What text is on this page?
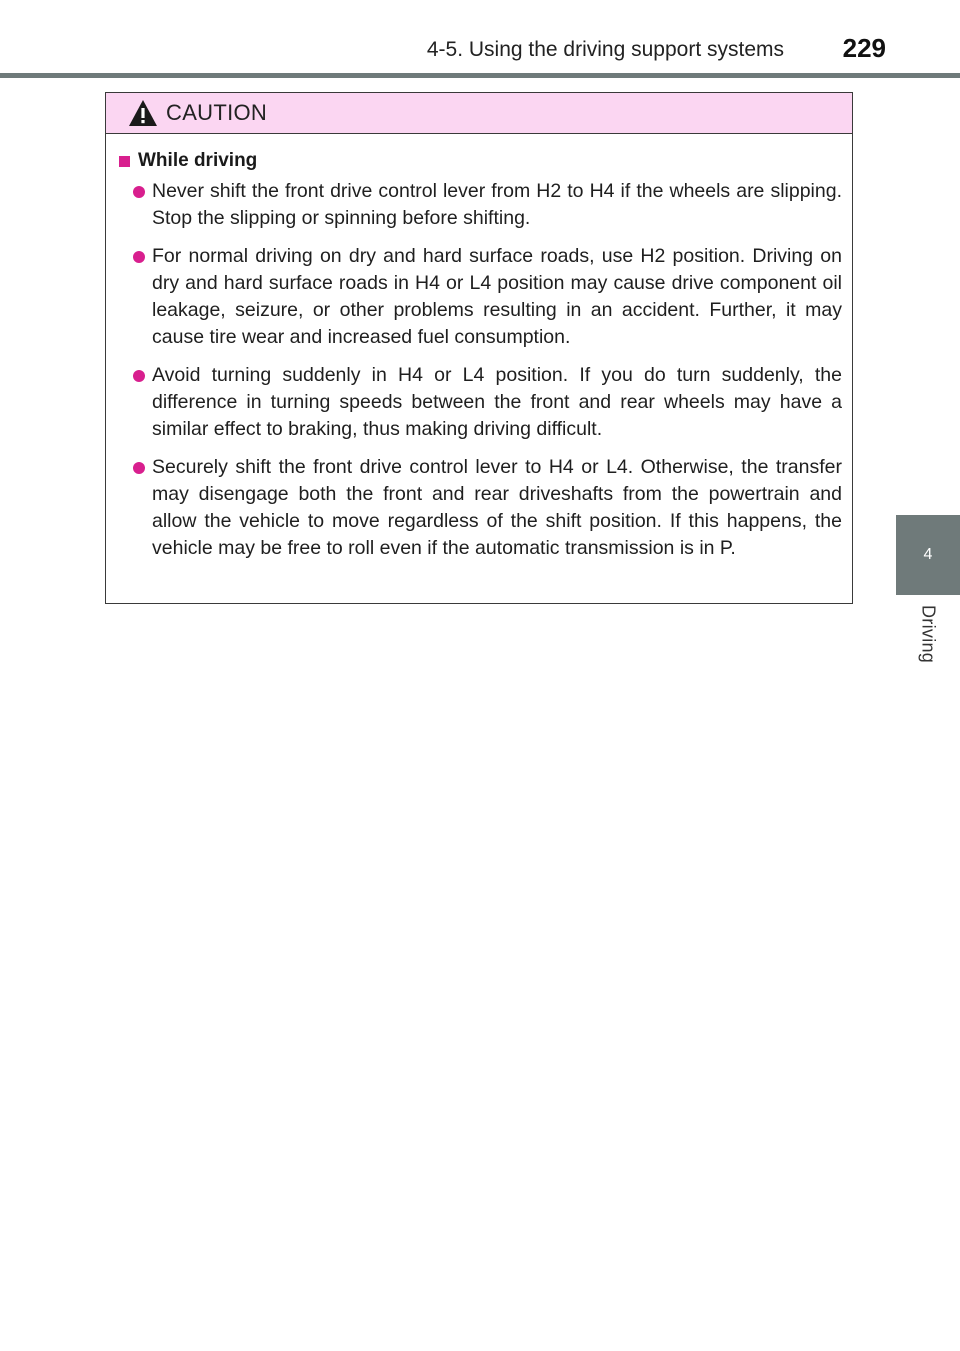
4-5. Using the driving support systems 229
4
Driving
CAUTION
While driving
Never shift the front drive control lever from H2 to H4 if the wheels are slipping. Stop the slipping or spinning before shifting.
For normal driving on dry and hard surface roads, use H2 position. Driving on dry and hard surface roads in H4 or L4 position may cause drive component oil leakage, seizure, or other problems resulting in an accident. Further, it may cause tire wear and increased fuel consumption.
Avoid turning suddenly in H4 or L4 position. If you do turn suddenly, the difference in turning speeds between the front and rear wheels may have a similar effect to braking, thus making driving difficult.
Securely shift the front drive control lever to H4 or L4. Otherwise, the transfer may disengage both the front and rear driveshafts from the powertrain and allow the vehicle to move regardless of the shift position. If this happens, the vehicle may be free to roll even if the automatic transmission is in P.
